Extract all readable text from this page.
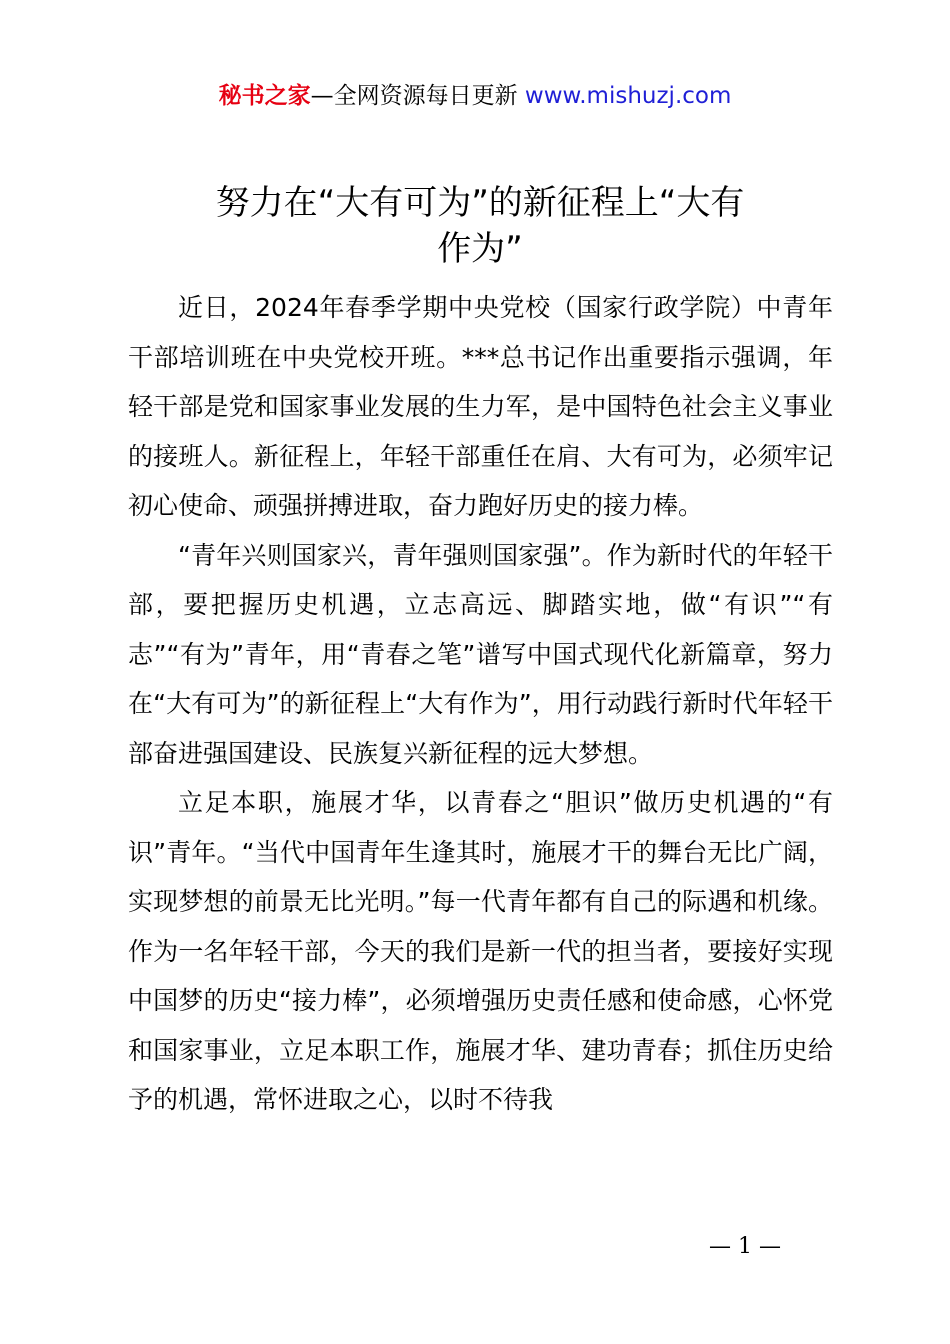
秘书之家—全网资源每日更新 www.mishuzj.com
努力在“大有可为”的新征程上“大有
作为”

近日，2024年春季学期中央党校（国家行政学院）中青年干部培训班在中央党校开班。***总书记作出重要指示强调，年轻干部是党和国家事业发展的生力军，是中国特色社会主义事业的接班人。新征程上，年轻干部重任在肩、大有可为，必须牢记初心使命、顽强拼搏进取，奋力跑好历史的接力棒。

“青年兴则国家兴，青年强则国家强”。作为新时代的年轻干部，要把握历史机遇，立志高远、脚踏实地，做“有识”“有志”“有为”青年，用“青春之笔”谱写中国式现代化新篇章，努力在“大有可为”的新征程上“大有作为”，用行动践行新时代年轻干部奋进强国建设、民族复兴新征程的远大梦想。

立足本职，施展才华，以青春之“胆识”做历史机遇的“有识”青年。“当代中国青年生逢其时，施展才干的舞台无比广阔，实现梦想的前景无比光明。”每一代青年都有自己的际遇和机缘。作为一名年轻干部，今天的我们是新一代的担当者，要接好实现中国梦的历史“接力棒”，必须增强历史责任感和使命感，心怀党和国家事业，立足本职工作，施展才华、建功青春；抓住历史给予的机遇，常怀进取之心，以时不待我

— 1 —
